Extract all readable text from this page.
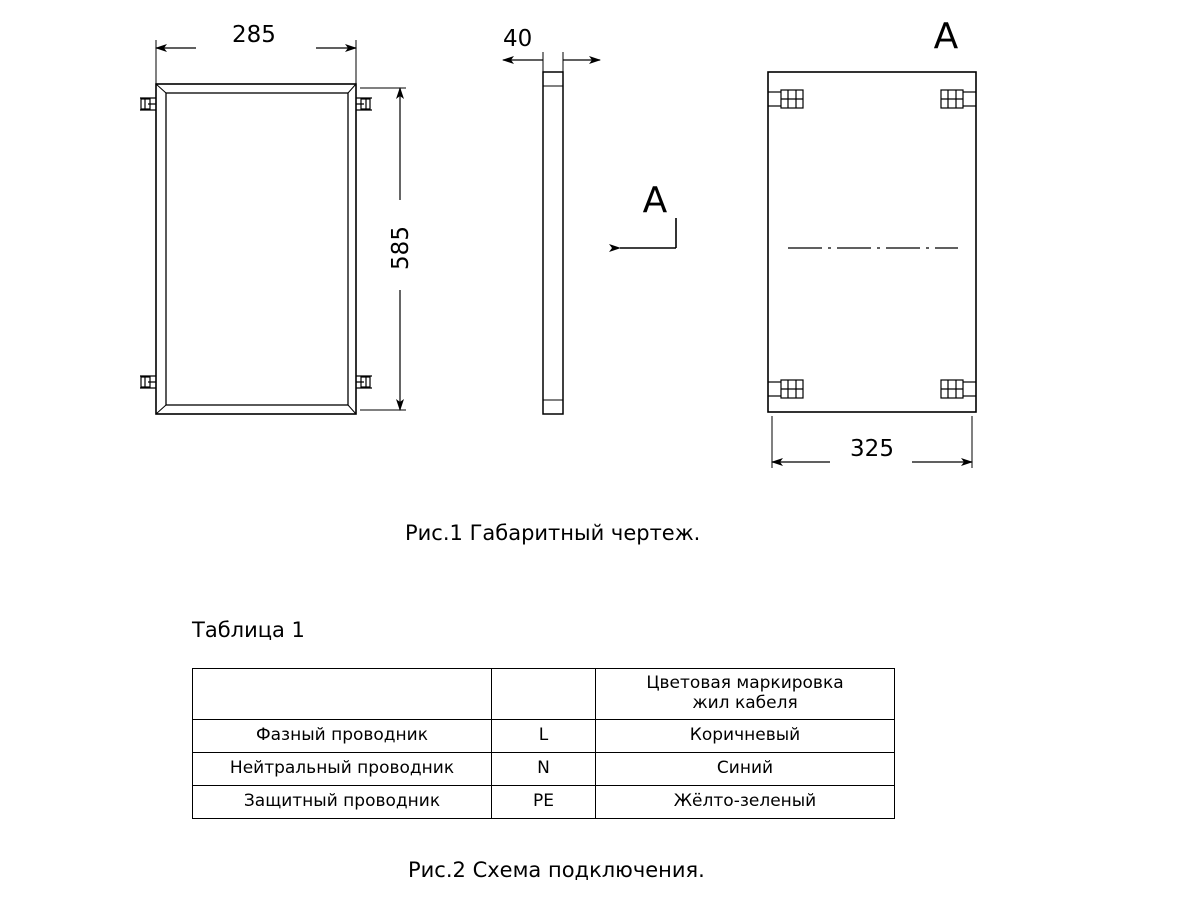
285
585
40
A
A
325
Рис.1 Габаритный чертеж.
Таблица 1
		Цветовая маркировка
жил кабеля
Фазный проводник	L	Коричневый
Нейтральный проводник	N	Синий
Защитный проводник	PE	Жёлто-зеленый
Рис.2 Схема подключения.
